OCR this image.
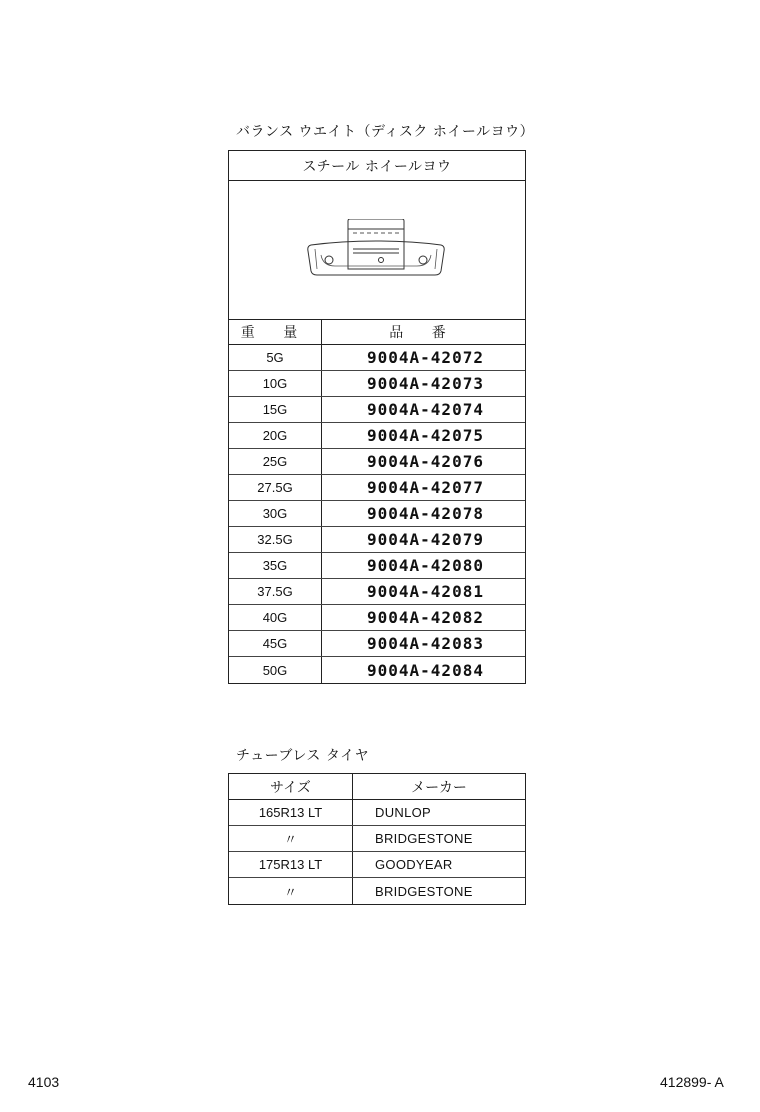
バランス ウエイト（ディスク ホイールヨウ）
スチール ホイールヨウ
重 量	品 番
5G	9004A-42072
10G	9004A-42073
15G	9004A-42074
20G	9004A-42075
25G	9004A-42076
27.5G	9004A-42077
30G	9004A-42078
32.5G	9004A-42079
35G	9004A-42080
37.5G	9004A-42081
40G	9004A-42082
45G	9004A-42083
50G	9004A-42084
チューブレス タイヤ
サイズ	メーカー
165R13 LT	DUNLOP
〃	BRIDGESTONE
175R13 LT	GOODYEAR
〃	BRIDGESTONE
4103	412899- A
